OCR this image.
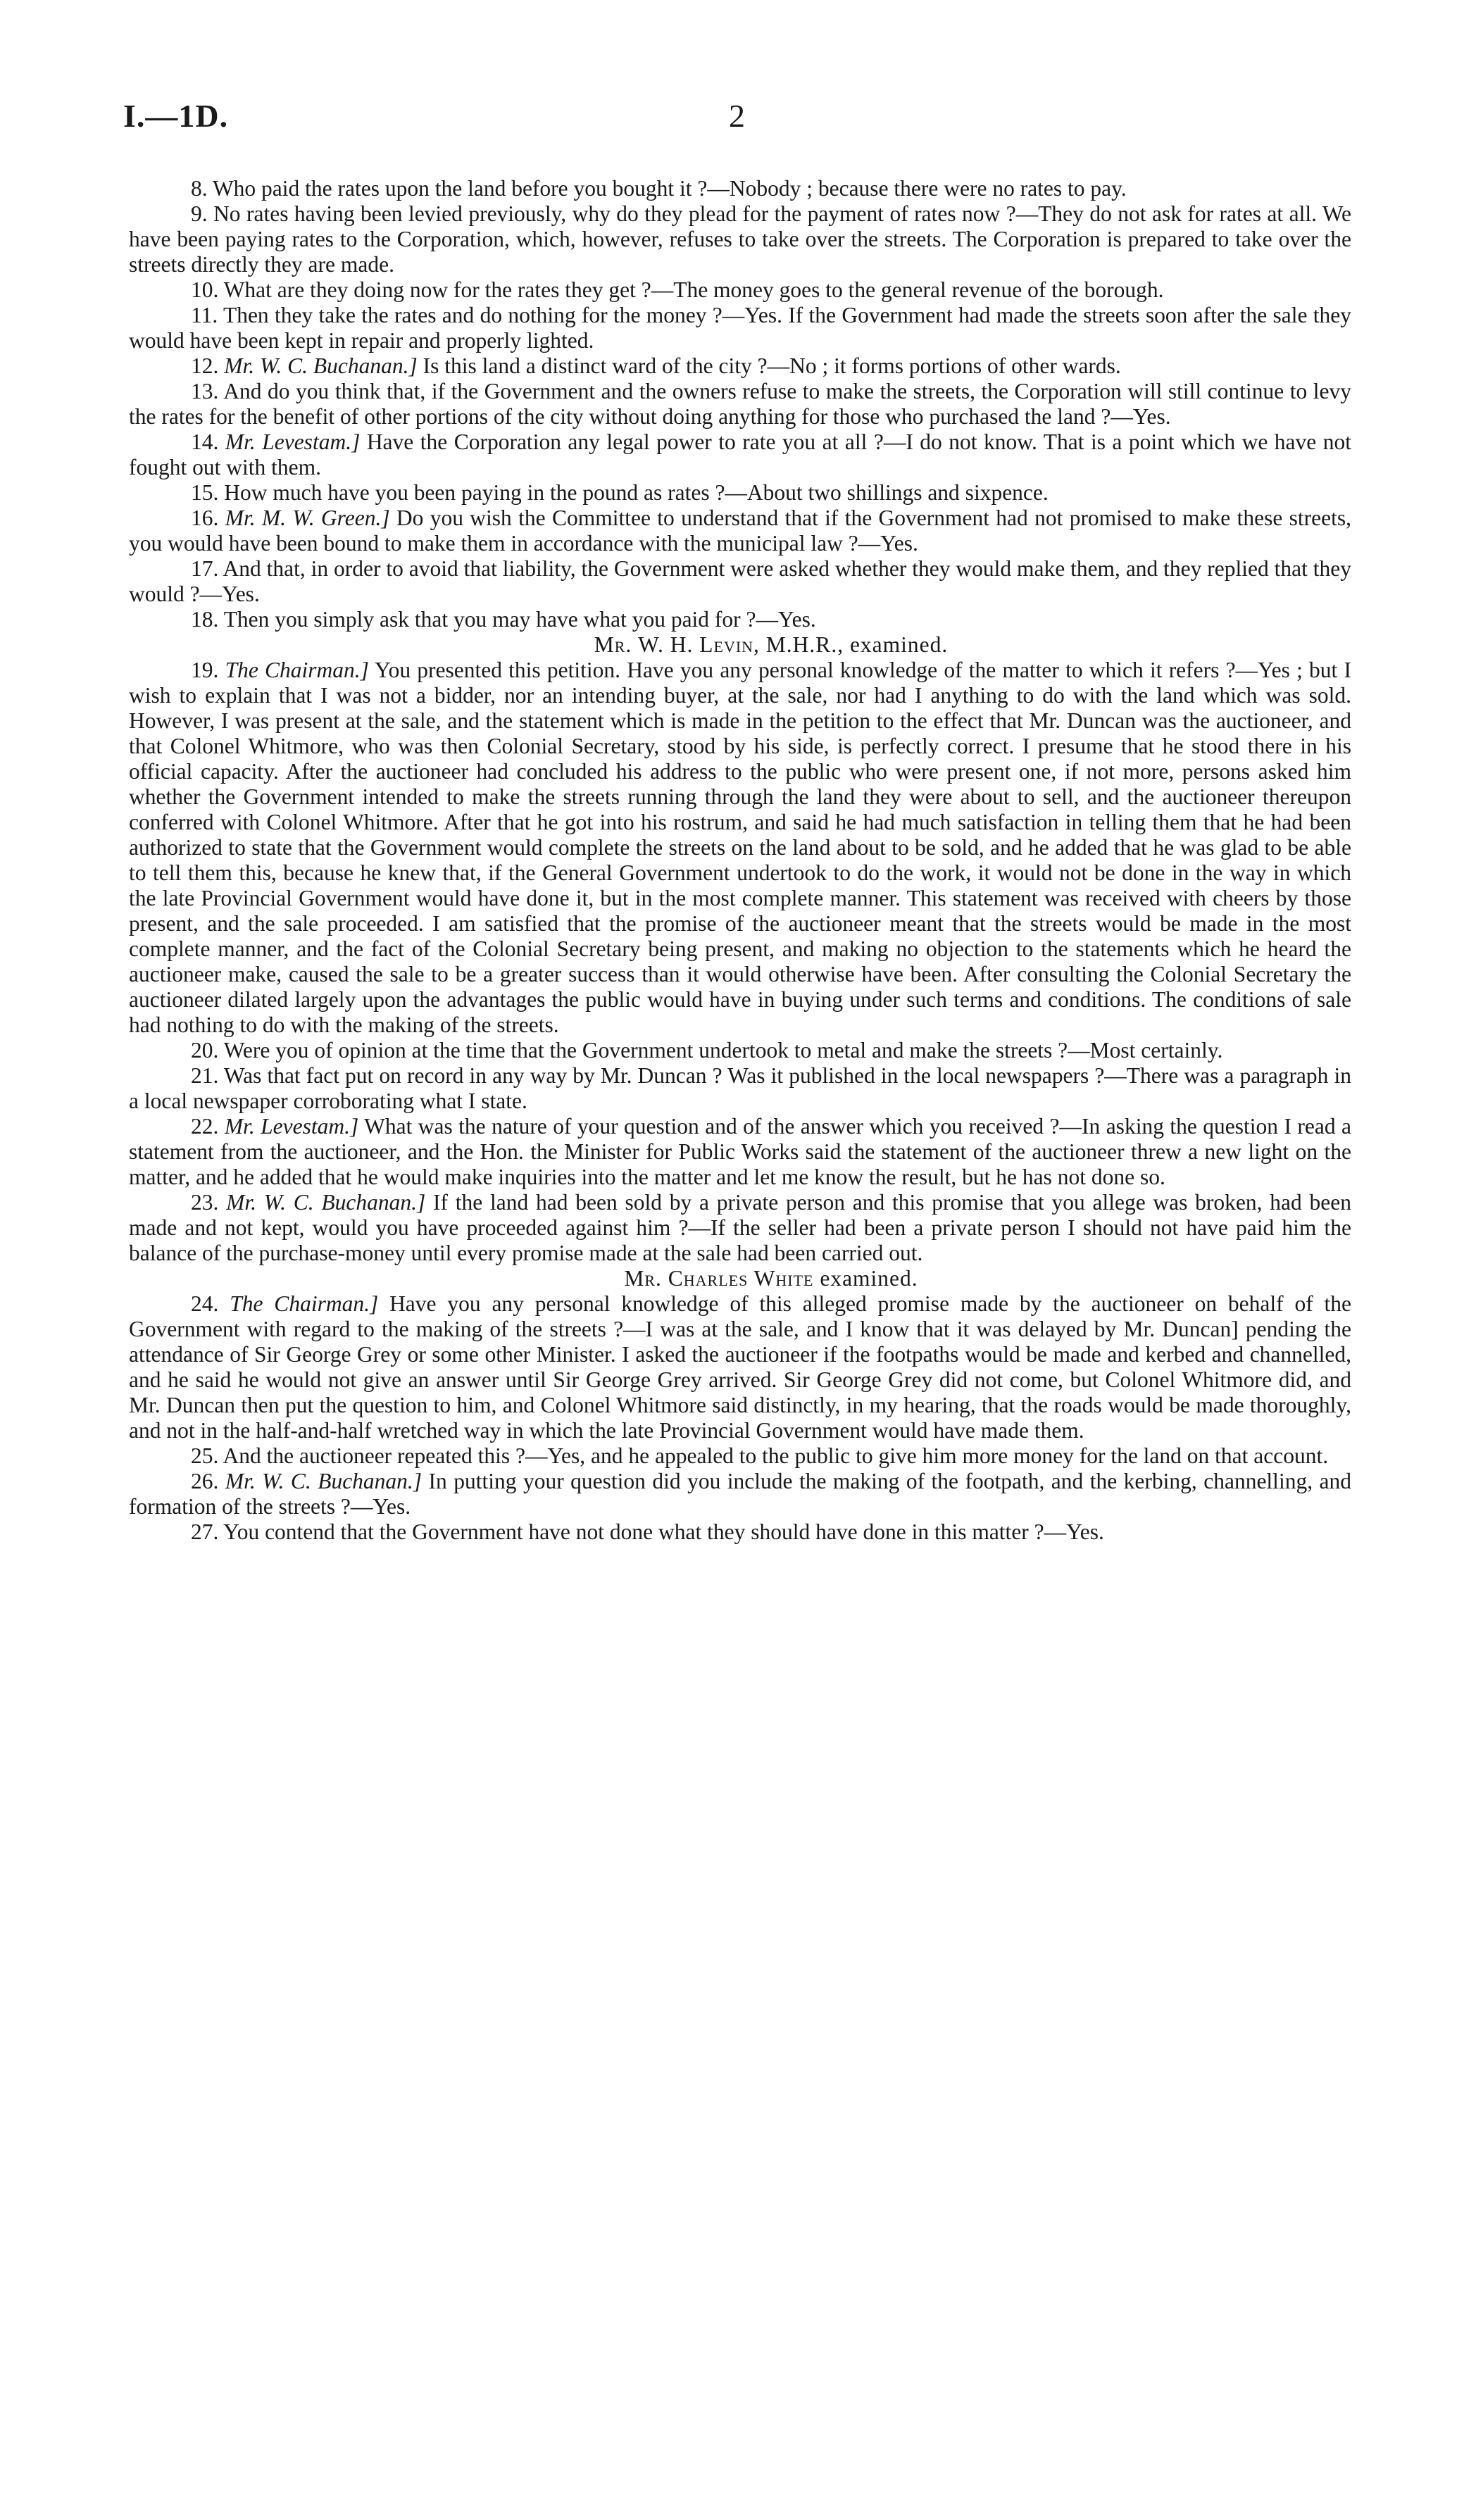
I.—1D.	2

8. Who paid the rates upon the land before you bought it ?—Nobody ; because there were no rates to pay.

9. No rates having been levied previously, why do they plead for the payment of rates now ?—They do not ask for rates at all. We have been paying rates to the Corporation, which, however, refuses to take over the streets. The Corporation is prepared to take over the streets directly they are made.

10. What are they doing now for the rates they get ?—The money goes to the general revenue of the borough.

11. Then they take the rates and do nothing for the money ?—Yes. If the Government had made the streets soon after the sale they would have been kept in repair and properly lighted.

12. Mr. W. C. Buchanan.] Is this land a distinct ward of the city ?—No ; it forms portions of other wards.

13. And do you think that, if the Government and the owners refuse to make the streets, the Corporation will still continue to levy the rates for the benefit of other portions of the city without doing anything for those who purchased the land ?—Yes.

14. Mr. Levestam.] Have the Corporation any legal power to rate you at all ?—I do not know. That is a point which we have not fought out with them.

15. How much have you been paying in the pound as rates ?—About two shillings and sixpence.

16. Mr. M. W. Green.] Do you wish the Committee to understand that if the Government had not promised to make these streets, you would have been bound to make them in accordance with the municipal law ?—Yes.

17. And that, in order to avoid that liability, the Government were asked whether they would make them, and they replied that they would ?—Yes.

18. Then you simply ask that you may have what you paid for ?—Yes.

Mr. W. H. Levin, M.H.R., examined.

19. The Chairman.] You presented this petition. Have you any personal knowledge of the matter to which it refers ?—Yes ; but I wish to explain that I was not a bidder, nor an intending buyer, at the sale, nor had I anything to do with the land which was sold. However, I was present at the sale, and the statement which is made in the petition to the effect that Mr. Duncan was the auctioneer, and that Colonel Whitmore, who was then Colonial Secretary, stood by his side, is perfectly correct. I presume that he stood there in his official capacity. After the auctioneer had concluded his address to the public who were present one, if not more, persons asked him whether the Government intended to make the streets running through the land they were about to sell, and the auctioneer thereupon conferred with Colonel Whitmore. After that he got into his rostrum, and said he had much satisfaction in telling them that he had been authorized to state that the Government would complete the streets on the land about to be sold, and he added that he was glad to be able to tell them this, because he knew that, if the General Government undertook to do the work, it would not be done in the way in which the late Provincial Government would have done it, but in the most complete manner. This statement was received with cheers by those present, and the sale proceeded. I am satisfied that the promise of the auctioneer meant that the streets would be made in the most complete manner, and the fact of the Colonial Secretary being present, and making no objection to the statements which he heard the auctioneer make, caused the sale to be a greater success than it would otherwise have been. After consulting the Colonial Secretary the auctioneer dilated largely upon the advantages the public would have in buying under such terms and conditions. The conditions of sale had nothing to do with the making of the streets.

20. Were you of opinion at the time that the Government undertook to metal and make the streets ?—Most certainly.

21. Was that fact put on record in any way by Mr. Duncan ? Was it published in the local newspapers ?—There was a paragraph in a local newspaper corroborating what I state.

22. Mr. Levestam.] What was the nature of your question and of the answer which you received ?—In asking the question I read a statement from the auctioneer, and the Hon. the Minister for Public Works said the statement of the auctioneer threw a new light on the matter, and he added that he would make inquiries into the matter and let me know the result, but he has not done so.

23. Mr. W. C. Buchanan.] If the land had been sold by a private person and this promise that you allege was broken, had been made and not kept, would you have proceeded against him ?—If the seller had been a private person I should not have paid him the balance of the purchase-money until every promise made at the sale had been carried out.

Mr. Charles White examined.

24. The Chairman.] Have you any personal knowledge of this alleged promise made by the auctioneer on behalf of the Government with regard to the making of the streets ?—I was at the sale, and I know that it was delayed by Mr. Duncan] pending the attendance of Sir George Grey or some other Minister. I asked the auctioneer if the footpaths would be made and kerbed and channelled, and he said he would not give an answer until Sir George Grey arrived. Sir George Grey did not come, but Colonel Whitmore did, and Mr. Duncan then put the question to him, and Colonel Whitmore said distinctly, in my hearing, that the roads would be made thoroughly, and not in the half-and-half wretched way in which the late Provincial Government would have made them.

25. And the auctioneer repeated this ?—Yes, and he appealed to the public to give him more money for the land on that account.

26. Mr. W. C. Buchanan.] In putting your question did you include the making of the footpath, and the kerbing, channelling, and formation of the streets ?—Yes.

27. You contend that the Government have not done what they should have done in this matter ?—Yes.
